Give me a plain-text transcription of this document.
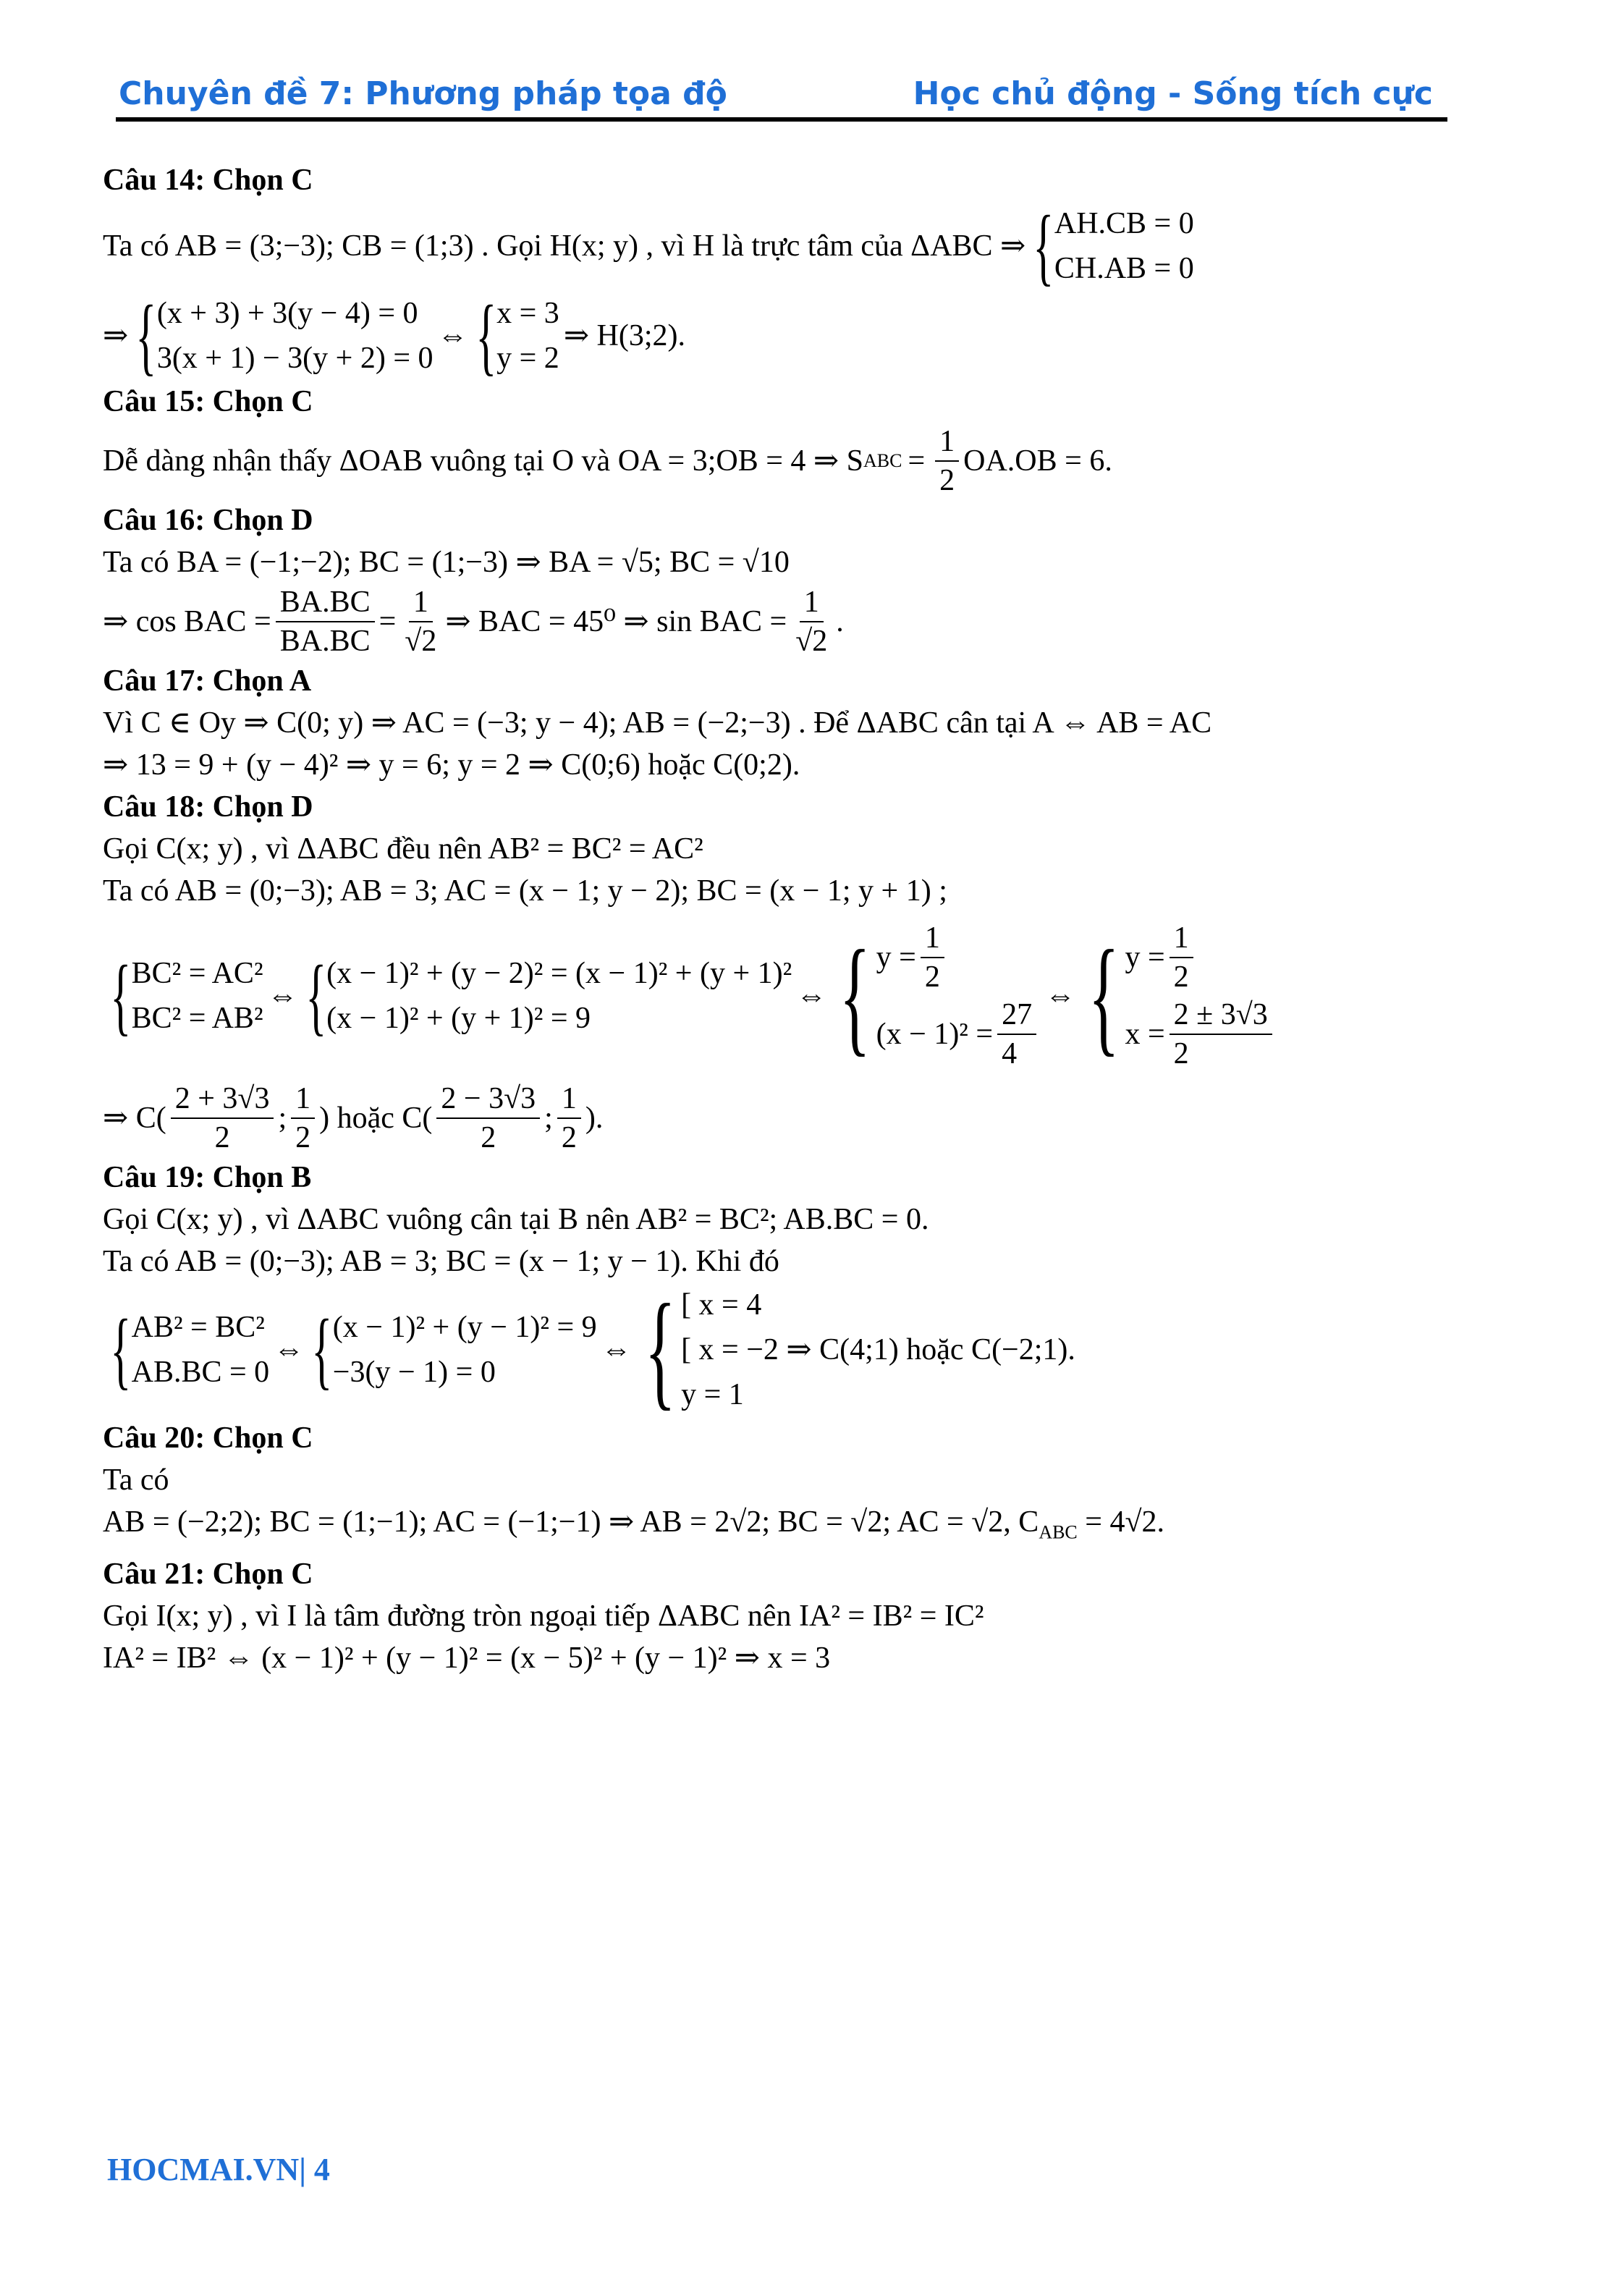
Chuyên đề 7: Phương pháp tọa độ	Học chủ động - Sống tích cực

Câu 14: Chọn C

Ta có AB = (3;−3); CB = (1;3) . Gọi H(x; y) , vì H là trực tâm của ΔABC ⇒ { AH.CB = 0
CH.AB = 0
⇒ { (x + 3) + 3(y − 4) = 0
3(x + 1) − 3(y + 2) = 0
⇔ { x = 3
y = 2
⇒ H(3;2).

Câu 15: Chọn C

Dễ dàng nhận thấy ΔOAB vuông tại O và OA = 3;OB = 4 ⇒ S ABC = $\frac{1}{2} OA.OB = 6$.

Câu 16: Chọn D

Ta có BA = (−1;−2); BC = (1;−3) ⇒ BA = √5; BC = √10

⇒ cos BAC = $\frac{BA.BC}{BA.BC} = \frac{1}{√2}$ ⇒ BAC = 45⁰ ⇒ sin BAC = $\frac{1}{√2}$ .

Câu 17: Chọn A

Vì C ∈ Oy ⇒ C(0; y) ⇒ AC = (−3; y − 4); AB = (−2;−3) . Để ΔABC cân tại A ⇔ AB = AC

⇒ 13 = 9 + (y − 4)² ⇒ y = 6; y = 2 ⇒ C(0;6) hoặc C(0;2).

Câu 18: Chọn D

Gọi C(x; y) , vì ΔABC đều nên AB² = BC² = AC²

Ta có AB = (0;−3); AB = 3; AC = (x − 1; y − 2); BC = (x − 1; y + 1) ;

{ BC² = AC²
BC² = AB²
⇔ { (x − 1)² + (y − 2)² = (x − 1)² + (y + 1)²
(x − 1)² + (y + 1)² = 9
⇔ { $y = \frac{1}{2}$
$(x - 1)^2 = \frac{27}{4}$ ⇔ { $y = \frac{1}{2}$
$x = \frac{2 \pm 3√3}{2}$
⇒ $C( \frac{2 + 3√3}{2}$ ; $\frac{1}{2}$ ) hoặc $C( \frac{2 - 3√3}{2}$ ; $\frac{1}{2}$ ).

Câu 19: Chọn B

Gọi C(x; y) , vì ΔABC vuông cân tại B nên AB² = BC²; AB.BC = 0.

Ta có AB = (0;−3); AB = 3; BC = (x − 1; y − 1). Khi đó

{ AB² = BC²
AB.BC = 0
⇔ { (x − 1)² + (y − 1)² = 9
−3(y − 1) = 0
⇔ { [ x = 4
[ x = −2 ⇒ C(4;1) hoặc C(−2;1).
y = 1

Câu 20: Chọn C

Ta có

AB = (−2;2); BC = (1;−1); AC = (−1;−1) ⇒ AB = 2√2; BC = √2; AC = √2, $C_{ABC} = 4√2$.

Câu 21: Chọn C

Gọi I(x; y) , vì I là tâm đường tròn ngoại tiếp ΔABC nên IA² = IB² = IC²

IA² = IB² ⇔ (x − 1)² + (y − 1)² = (x − 5)² + (y − 1)² ⇒ x = 3

HOCMAI.VN| 4
